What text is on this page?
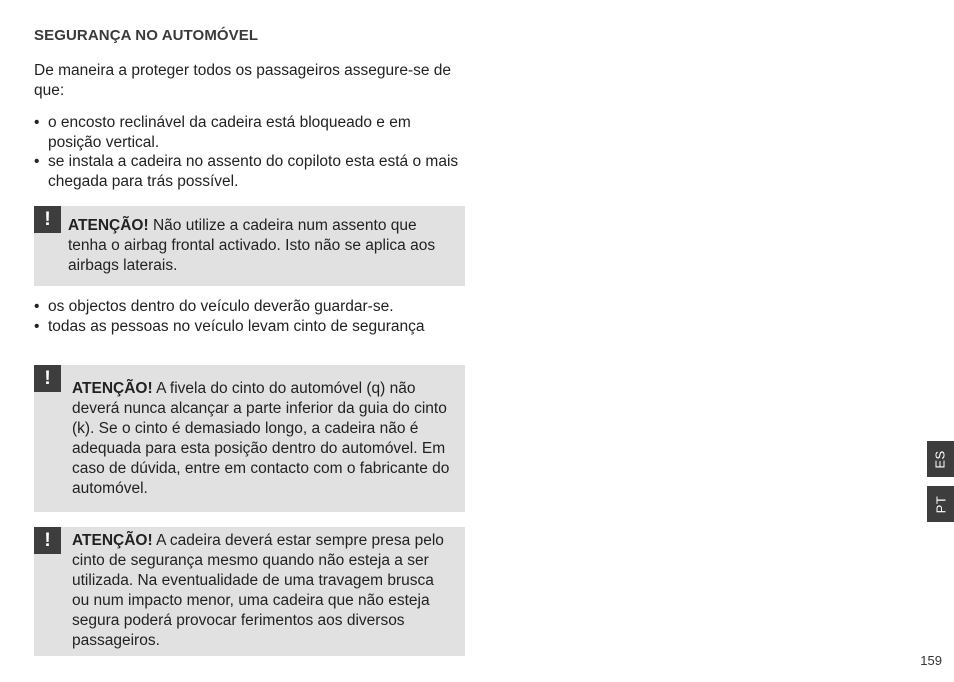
SEGURANÇA NO AUTOMÓVEL
De maneira a proteger todos os passageiros assegure-se de que:
• o encosto reclinável da cadeira está bloqueado e em posição vertical.
• se instala a cadeira no assento do copiloto esta está o mais chegada para trás possível.
!	ATENÇÃO! Não utilize a cadeira num assento que tenha o airbag frontal activado. Isto não se aplica aos airbags laterais.
• os objectos dentro do veículo deverão guardar-se.
• todas as pessoas no veículo levam cinto de segurança
!	ATENÇÃO! A fivela do cinto do automóvel (q) não deverá nunca alcançar a parte inferior da guia do cinto (k). Se o cinto é demasiado longo, a cadeira não é adequada para esta posição dentro do automóvel. Em caso de dúvida, entre em contacto com o fabricante do automóvel.
!	ATENÇÃO! A cadeira deverá estar sempre presa pelo cinto de segurança mesmo quando não esteja a ser utilizada. Na eventualidade de uma travagem brusca ou num impacto menor, uma cadeira que não esteja segura poderá provocar ferimentos aos diversos passageiros.
ES
PT
159
